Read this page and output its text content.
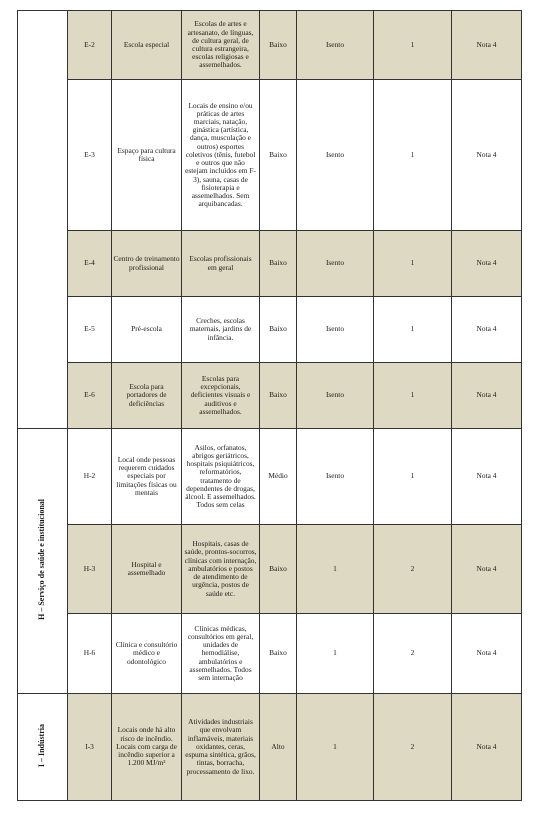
	E-2	Escola especial	Escolas de artes e artesanato, de línguas, de cultura geral, de cultura estrangeira, escolas religiosas e assemelhados.	Baixo	Isento	1	Nota 4
	E-3	Espaço para cultura física	Locais de ensino e/ou práticas de artes marciais, natação, ginástica (artística, dança, musculação e outros) esportes coletivos (tênis, futebol e outros que não estejam incluídos em F-3), sauna, casas de fisioterapia e assemelhados. Sem arquibancadas.	Baixo	Isento	1	Nota 4
	E-4	Centro de treinamento profissional	Escolas profissionais em geral	Baixo	Isento	1	Nota 4
	E-5	Pré-escola	Creches, escolas maternais, jardins de infância.	Baixo	Isento	1	Nota 4
	E-6	Escola para portadores de deficiências	Escolas para excepcionais, deficientes visuais e auditivos e assemelhados.	Baixo	Isento	1	Nota 4
H – Serviço de saúde e institucional	H-2	Local onde pessoas requerem cuidados especiais por limitações físicas ou mentais	Asilos, orfanatos, abrigos geriátricos, hospitais psiquiátricos, reformatórios, tratamento de dependentes de drogas, álcool. E assemelhados. Todos sem celas	Médio	Isento	1	Nota 4
	H-3	Hospital e assemelhado	Hospitais, casas de saúde, prontos-socorros, clínicas com internação, ambulatórios e postos de atendimento de urgência, postos de saúde etc.	Baixo	1	2	Nota 4
	H-6	Clínica e consultório médico e odontológico	Clínicas médicas, consultórios em geral, unidades de hemodiálise, ambulatórios e assemelhados. Todos sem internação	Baixo	1	2	Nota 4
I – Indústria	I-3	Locais onde há alto risco de incêndio. Locais com carga de incêndio superior a 1.200 MJ/m²	Atividades industriais que envolvam inflamáveis, materiais oxidantes, ceras, espuma sintética, grãos, tintas, borracha, processamento de lixo.	Alto	1	2	Nota 4
